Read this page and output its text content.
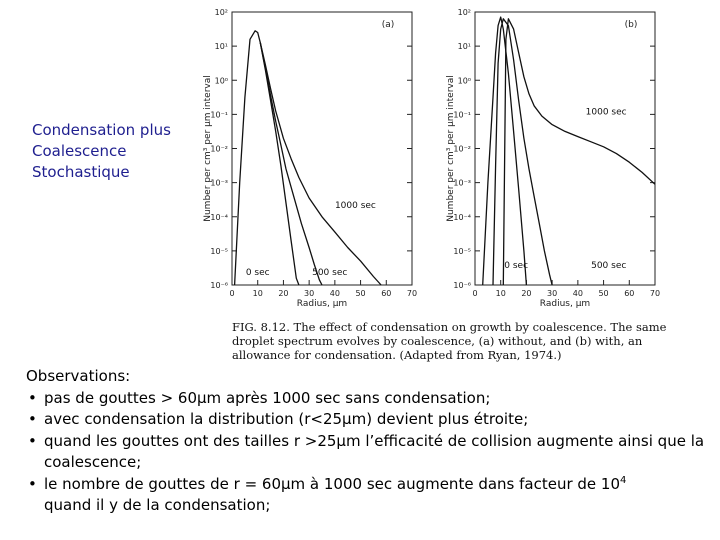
Condensation plus
Coalescence
Stochastique
10²
10¹
10⁰
10⁻¹
10⁻²
10⁻³
10⁻⁴
10⁻⁵
10⁻⁶
0 10 20 30 40 50 60 70
Radius, μm
Number per cm³ per μm interval
(a)
0 sec	500 sec
1000 sec
10²
10¹
10⁰
10⁻¹
10⁻²
10⁻³
10⁻⁴
10⁻⁵
10⁻⁶
0 10 20 30 40 50 60 70
Radius, μm
Number per cm³ per μm interval
(b)
0 sec	500 sec
1000 sec
FIG. 8.12. The effect of condensation on growth by coalescence. The same
droplet spectrum evolves by coalescence, (a) without, and (b) with, an
allowance for condensation. (Adapted from Ryan, 1974.)
Observations:
• pas de gouttes > 60μm après 1000 sec sans condensation;
• avec condensation la distribution (r<25μm) devient plus étroite;
• quand les gouttes ont des tailles r >25μm l’efficacité de collision augmente ainsi que la coalescence;
• le nombre de gouttes de r = 60μm à 1000 sec augmente dans facteur de $10^4$
quand il y de la condensation;
